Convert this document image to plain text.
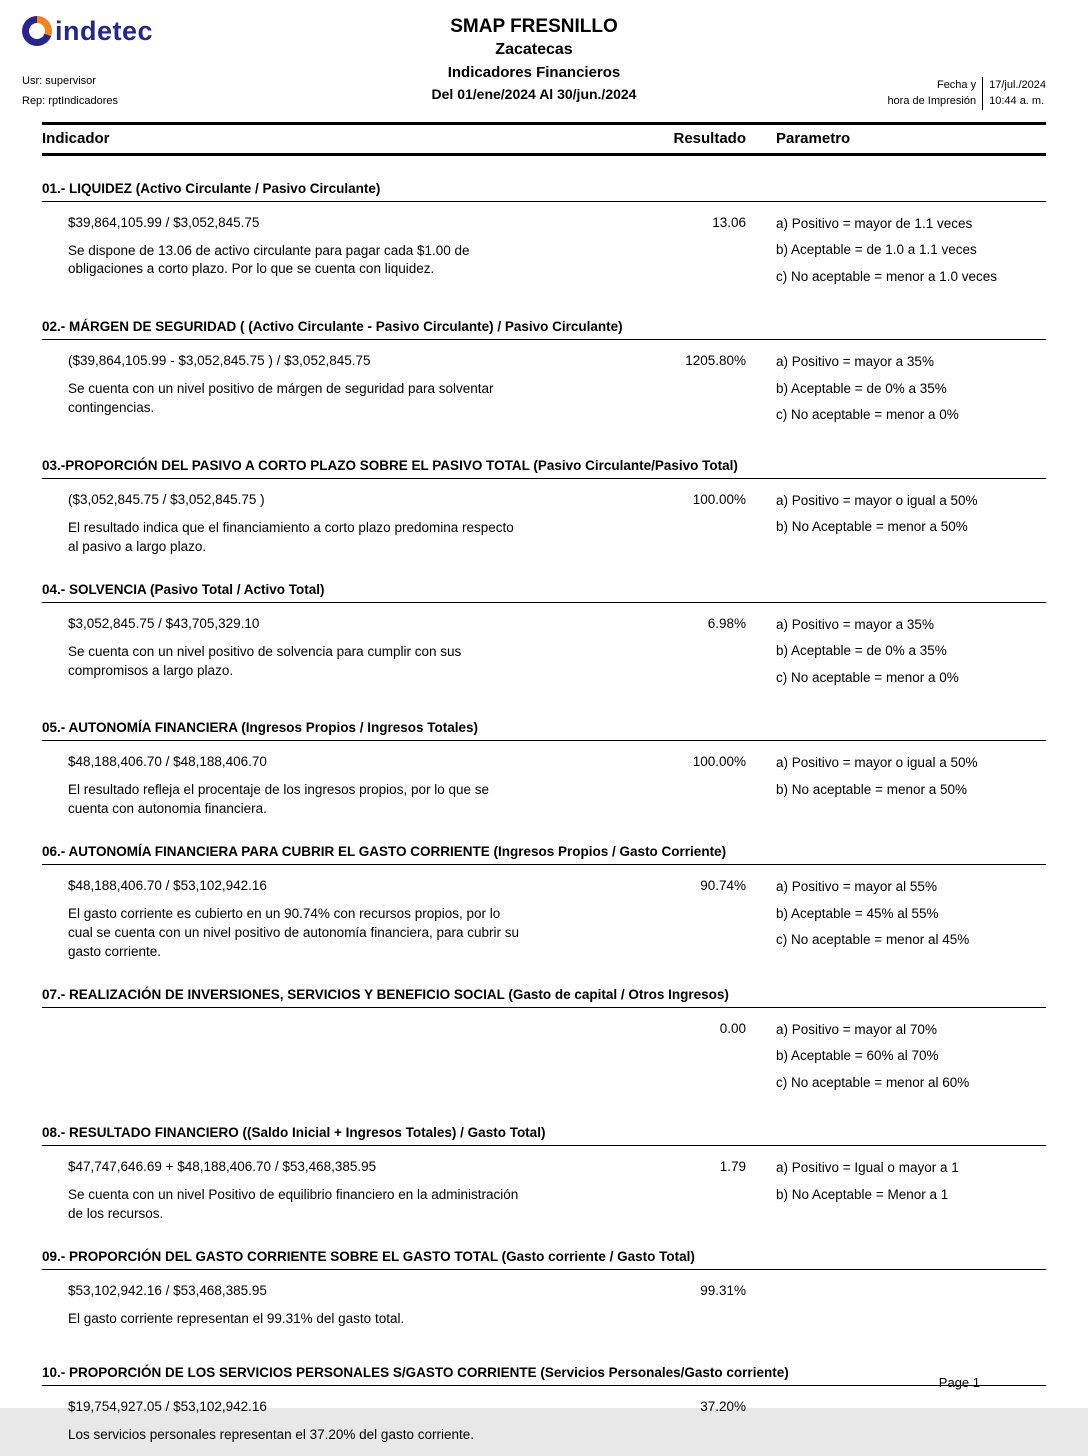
indetec
Usr: supervisor
Rep: rptIndicadores
SMAP FRESNILLO
Zacatecas
Indicadores Financieros
Del 01/ene/2024 Al 30/jun./2024
Fecha y
hora de Impresión
17/jul./2024
10:44 a. m.
Indicador	Resultado	Parametro
01.- LIQUIDEZ (Activo Circulante / Pasivo Circulante)
$39,864,105.99 / $3,052,845.75
Se dispone de 13.06 de activo circulante para pagar cada $1.00 de obligaciones a corto plazo. Por lo que se cuenta con liquidez.
13.06 a) Positivo = mayor de 1.1 veces
b) Aceptable = de 1.0 a 1.1 veces
c) No aceptable = menor a 1.0 veces
02.- MÁRGEN DE SEGURIDAD ( (Activo Circulante - Pasivo Circulante) / Pasivo Circulante)
($39,864,105.99 - $3,052,845.75 ) / $3,052,845.75
Se cuenta con un nivel positivo de márgen de seguridad para solventar contingencias.
1205.80% a) Positivo = mayor a 35%
b) Aceptable = de 0% a 35%
c) No aceptable = menor a 0%
03.-PROPORCIÓN DEL PASIVO A CORTO PLAZO SOBRE EL PASIVO TOTAL (Pasivo Circulante/Pasivo Total)
($3,052,845.75 / $3,052,845.75 )
El resultado indica que el financiamiento a corto plazo predomina respecto al pasivo a largo plazo.
100.00% a) Positivo = mayor o igual a 50%
b) No Aceptable = menor a 50%
04.- SOLVENCIA (Pasivo Total / Activo Total)
$3,052,845.75 / $43,705,329.10
Se cuenta con un nivel positivo de solvencia para cumplir con sus compromisos a largo plazo.
6.98% a) Positivo = mayor a 35%
b) Aceptable = de 0% a 35%
c) No aceptable = menor a 0%
05.- AUTONOMÍA FINANCIERA (Ingresos Propios / Ingresos Totales)
$48,188,406.70 / $48,188,406.70
El resultado refleja el procentaje de los ingresos propios, por lo que se cuenta con autonomia financiera.
100.00% a) Positivo = mayor o igual a 50%
b) No aceptable = menor a 50%
06.- AUTONOMÍA FINANCIERA PARA CUBRIR EL GASTO CORRIENTE (Ingresos Propios / Gasto Corriente)
$48,188,406.70 / $53,102,942.16
El gasto corriente es cubierto en un 90.74% con recursos propios, por lo cual se cuenta con un nivel positivo de autonomía financiera, para cubrir su gasto corriente.
90.74% a) Positivo = mayor al 55%
b) Aceptable = 45% al 55%
c) No aceptable = menor al 45%
07.- REALIZACIÓN DE INVERSIONES, SERVICIOS Y BENEFICIO SOCIAL (Gasto de capital / Otros Ingresos)
0.00 a) Positivo = mayor al 70%
b) Aceptable = 60% al 70%
c) No aceptable = menor al 60%
08.- RESULTADO FINANCIERO ((Saldo Inicial + Ingresos Totales) / Gasto Total)
$47,747,646.69 + $48,188,406.70 / $53,468,385.95
Se cuenta con un nivel Positivo de equilibrio financiero en la administración de los recursos.
1.79 a) Positivo = Igual o mayor a 1
b) No Aceptable = Menor a 1
09.- PROPORCIÓN DEL GASTO CORRIENTE SOBRE EL GASTO TOTAL (Gasto corriente / Gasto Total)
$53,102,942.16 / $53,468,385.95
El gasto corriente representan el 99.31% del gasto total.
99.31%
10.- PROPORCIÓN DE LOS SERVICIOS PERSONALES S/GASTO CORRIENTE (Servicios Personales/Gasto corriente)
$19,754,927.05 / $53,102,942.16
Los servicios personales representan el 37.20% del gasto corriente.
37.20%
Page 1
